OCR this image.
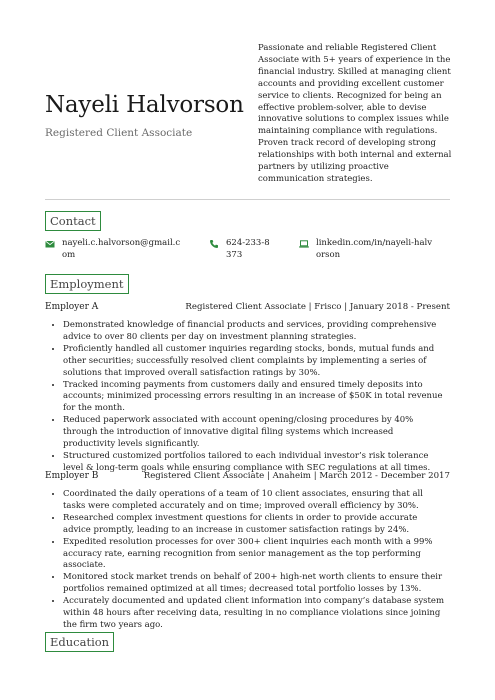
Nayeli Halvorson
Registered Client Associate
Passionate and reliable Registered Client Associate with 5+ years of experience in the financial industry. Skilled at managing client accounts and providing excellent customer service to clients. Recognized for being an effective problem-solver, able to devise innovative solutions to complex issues while maintaining compliance with regulations. Proven track record of developing strong relationships with both internal and external partners by utilizing proactive communication strategies.
Contact
nayeli.c.halvorson@gmail.com
624-233-8373
linkedin.com/in/nayeli-halvorson
Employment
Employer A	Registered Client Associate | Frisco | January 2018 - Present
• Demonstrated knowledge of financial products and services, providing comprehensive advice to over 80 clients per day on investment planning strategies.
• Proficiently handled all customer inquiries regarding stocks, bonds, mutual funds and other securities; successfully resolved client complaints by implementing a series of solutions that improved overall satisfaction ratings by 30%.
• Tracked incoming payments from customers daily and ensured timely deposits into accounts; minimized processing errors resulting in an increase of $50K in total revenue for the month.
• Reduced paperwork associated with account opening/closing procedures by 40% through the introduction of innovative digital filing systems which increased productivity levels significantly.
• Structured customized portfolios tailored to each individual investor’s risk tolerance level & long-term goals while ensuring compliance with SEC regulations at all times.
Employer B	Registered Client Associate | Anaheim | March 2012 - December 2017
• Coordinated the daily operations of a team of 10 client associates, ensuring that all tasks were completed accurately and on time; improved overall efficiency by 30%.
• Researched complex investment questions for clients in order to provide accurate advice promptly, leading to an increase in customer satisfaction ratings by 24%.
• Expedited resolution processes for over 300+ client inquiries each month with a 99% accuracy rate, earning recognition from senior management as the top performing associate.
• Monitored stock market trends on behalf of 200+ high-net worth clients to ensure their portfolios remained optimized at all times; decreased total portfolio losses by 13%.
• Accurately documented and updated client information into company’s database system within 48 hours after receiving data, resulting in no compliance violations since joining the firm two years ago.
Education
